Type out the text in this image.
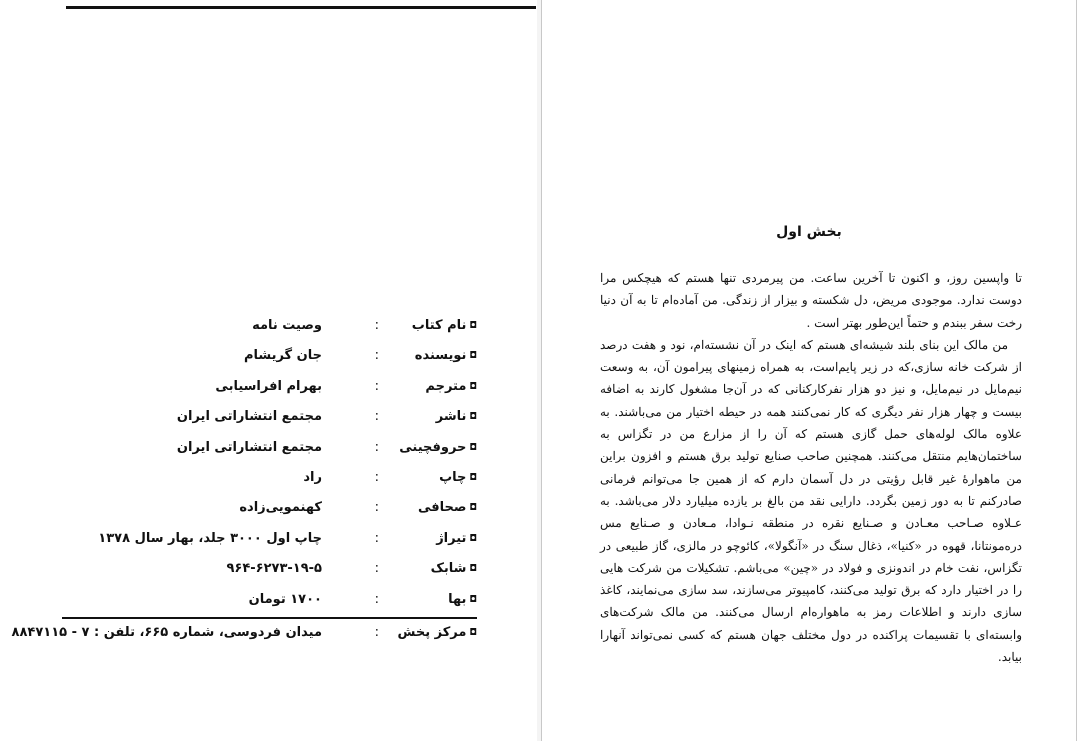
◘نام کتاب
:
وصیت نامه
◘نویسنده
:
جان گریشام
◘مترجم
:
بهرام افراسیابی
◘ناشر
:
مجتمع انتشاراتی ایران
◘حروفچینی
:
مجتمع انتشاراتی ایران
◘چاپ
:
راد
◘صحافی
:
کهنمویی‌زاده
◘تیراژ
:
چاپ اول ۳۰۰۰ جلد، بهار سال ۱۳۷۸
◘شابک
:
۹۶۴-۶۲۷۳-۱۹-۵
◘بها
:
۱۷۰۰ تومان
◘مرکز پخش
:
میدان فردوسی، شماره ۶۶۵، تلفن : ۷ - ۸۸۴۷۱۱۵
بخش اول

تا واپسین روز، و اکنون تا آخرین ساعت. من پیرمردی تنها هستم که هیچکس مرا دوست ندارد. موجودی مریض، دل شکسته و بیزار از زندگی. من آماده‌ام تا به آن دنیا رخت سفر ببندم و حتماً این‌طور بهتر است .

من مالک این بنای بلند شیشه‌ای هستم که اینک در آن نشسته‌ام، نود و هفت درصد از شرکت خانه سازی،که در زیر پایم‌است، به همراه زمینهای پیرامون آن، به وسعت نیم‌مایل در نیم‌مایل، و نیز دو هزار نفرکارکنانی که در آن‌جا مشغول کارند به اضافه بیست و چهار هزار نفر دیگری که کار نمی‌کنند همه در حیطه اختیار من می‌باشند. به علاوه مالک لوله‌های حمل گازی هستم که آن را از مزارع من در تگزاس به ساختمان‌هایم منتقل می‌کنند. همچنین صاحب صنایع تولید برق هستم و افزون براین من ماهوارهٔ غیر قابل رؤیتی در دل آسمان دارم که از همین جا می‌توانم فرمانی صادرکنم تا به دور زمین بگردد. دارایی نقد من بالغ بر یازده میلیارد دلار می‌باشد. به عـلاوه صـاحب معـادن و صـنایع نقره در منطقه نـوادا، مـعادن و صـنایع مس دره‌مونتانا، قهوه در «کنیا»، ذغال سنگ در «آنگولا»، کائوچو در مالزی، گاز طبیعی در تگزاس، نفت خام در اندونزی و فولاد در «چین» می‌باشم. تشکیلات من شرکت هایی را در اختیار دارد که برق تولید می‌کنند، کامپیوتر می‌سازند، سد سازی می‌نمایند، کاغذ سازی دارند و اطلاعات رمز به ماهواره‌ام ارسال می‌کنند. من مالک شرکت‌های وابسته‌ای با تقسیمات پراکنده در دول مختلف جهان هستم که کسی نمی‌تواند آنهارا بیابد.
